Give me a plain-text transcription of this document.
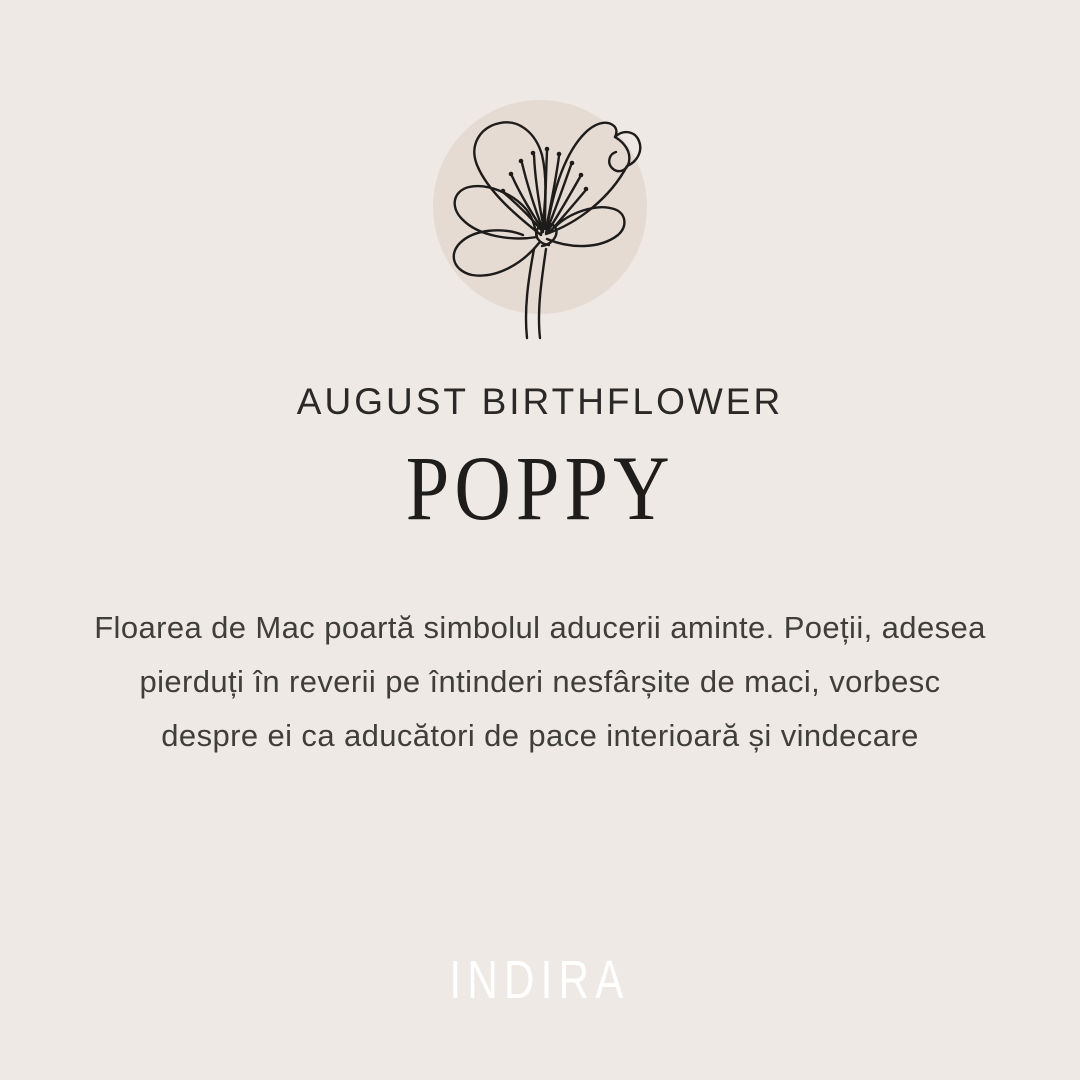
AUGUST BIRTHFLOWER
POPPY
Floarea de Mac poartă simbolul aducerii aminte. Poeții, adesea
pierduți în reverii pe întinderi nesfârșite de maci, vorbesc
despre ei ca aducători de pace interioară și vindecare
INDIRA
